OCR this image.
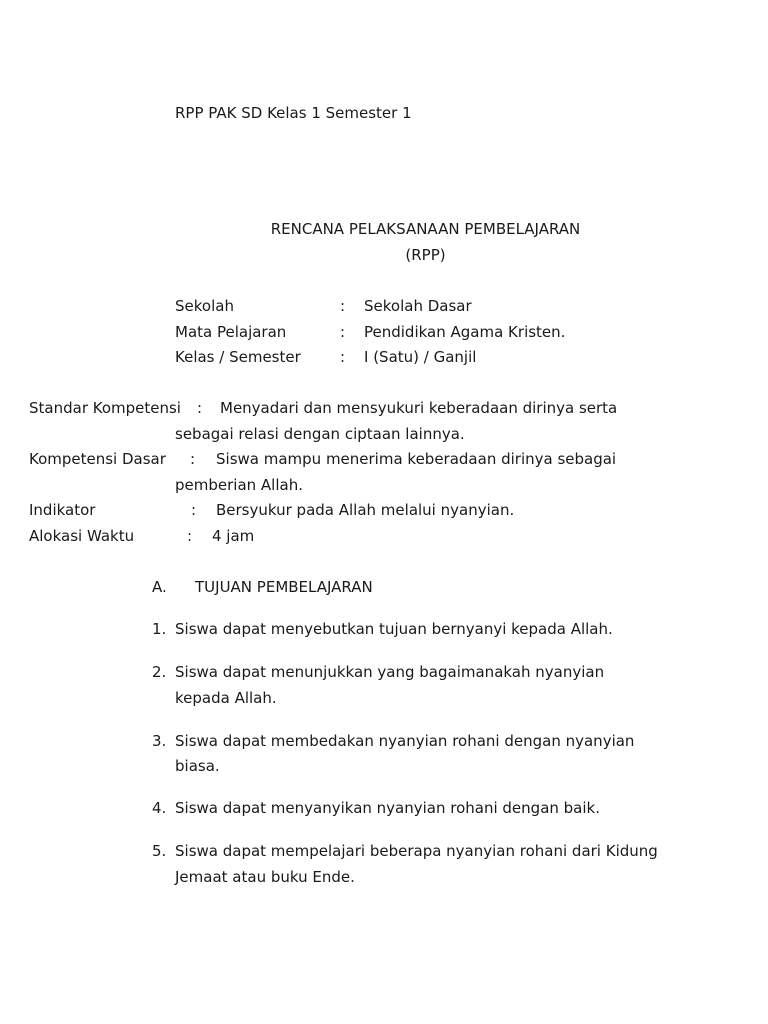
RPP PAK SD Kelas 1 Semester 1
RENCANA PELAKSANAAN PEMBELAJARAN
(RPP)
Sekolah	: Sekolah Dasar
Mata Pelajaran	: Pendidikan Agama Kristen.
Kelas / Semester	: I (Satu) / Ganjil
Standar Kompetensi : Menyadari dan mensyukuri keberadaan dirinya serta
sebagai relasi dengan ciptaan lainnya.
Kompetensi Dasar : Siswa mampu menerima keberadaan dirinya sebagai
pemberian Allah.
Indikator	: Bersyukur pada Allah melalui nyanyian.
Alokasi Waktu	: 4 jam
A. TUJUAN PEMBELAJARAN
1. Siswa dapat menyebutkan tujuan bernyanyi kepada Allah.
2. Siswa dapat menunjukkan yang bagaimanakah nyanyian
kepada Allah.
3. Siswa dapat membedakan nyanyian rohani dengan nyanyian
biasa.
4. Siswa dapat menyanyikan nyanyian rohani dengan baik.
5. Siswa dapat mempelajari beberapa nyanyian rohani dari Kidung
Jemaat atau buku Ende.
